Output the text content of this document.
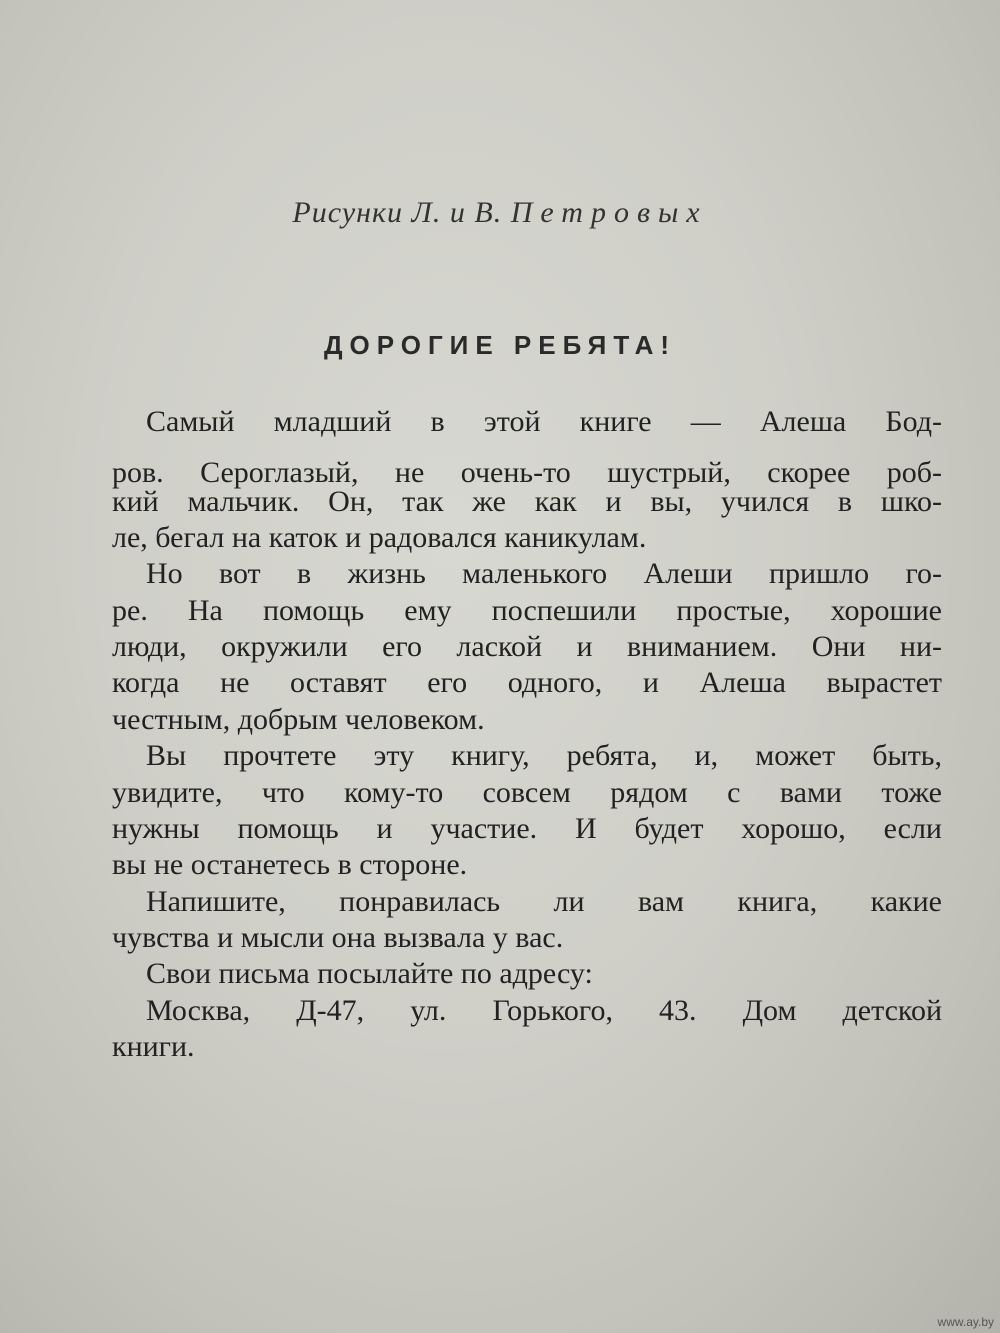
Рисунки Л. и В. Петровых
ДОРОГИЕ РЕБЯТА!
Самый младший в этой книге — Алеша Бод-
ров. Сероглазый, не очень-то шустрый, скорее роб-
кий мальчик. Он, так же как и вы, учился в шко-
ле, бегал на каток и радовался каникулам.
Но вот в жизнь маленького Алеши пришло го-
ре. На помощь ему поспешили простые, хорошие
люди, окружили его лаской и вниманием. Они ни-
когда не оставят его одного, и Алеша вырастет
честным, добрым человеком.
Вы прочтете эту книгу, ребята, и, может быть,
увидите, что кому-то совсем рядом с вами тоже
нужны помощь и участие. И будет хорошо, если
вы не останетесь в стороне.
Напишите, понравилась ли вам книга, какие
чувства и мысли она вызвала у вас.
Свои письма посылайте по адресу:
Москва, Д-47, ул. Горького, 43. Дом детской
книги.
www.ay.by
